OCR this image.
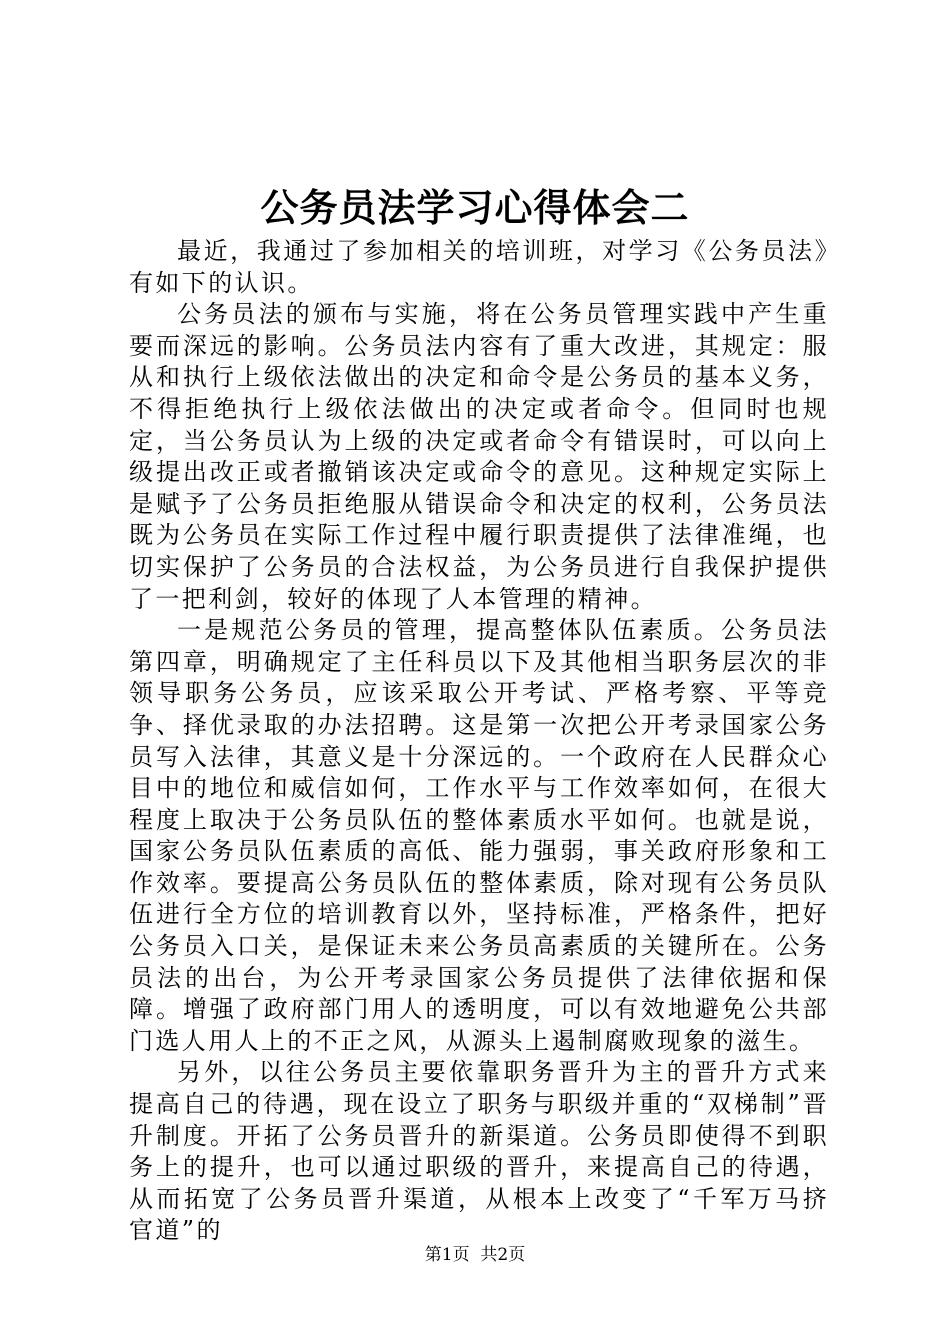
公务员法学习心得体会二

最近，我通过了参加相关的培训班，对学习《公务员法》有如下的认识。

公务员法的颁布与实施，将在公务员管理实践中产生重要而深远的影响。公务员法内容有了重大改进，其规定：服从和执行上级依法做出的决定和命令是公务员的基本义务，不得拒绝执行上级依法做出的决定或者命令。但同时也规定，当公务员认为上级的决定或者命令有错误时，可以向上级提出改正或者撤销该决定或命令的意见。这种规定实际上是赋予了公务员拒绝服从错误命令和决定的权利，公务员法既为公务员在实际工作过程中履行职责提供了法律准绳，也切实保护了公务员的合法权益，为公务员进行自我保护提供了一把利剑，较好的体现了人本管理的精神。

一是规范公务员的管理，提高整体队伍素质。公务员法第四章，明确规定了主任科员以下及其他相当职务层次的非领导职务公务员，应该采取公开考试、严格考察、平等竞争、择优录取的办法招聘。这是第一次把公开考录国家公务员写入法律，其意义是十分深远的。一个政府在人民群众心目中的地位和威信如何，工作水平与工作效率如何，在很大程度上取决于公务员队伍的整体素质水平如何。也就是说，国家公务员队伍素质的高低、能力强弱，事关政府形象和工作效率。要提高公务员队伍的整体素质，除对现有公务员队伍进行全方位的培训教育以外，坚持标准，严格条件，把好公务员入口关，是保证未来公务员高素质的关键所在。公务员法的出台，为公开考录国家公务员提供了法律依据和保障。增强了政府部门用人的透明度，可以有效地避免公共部门选人用人上的不正之风，从源头上遏制腐败现象的滋生。

另外，以往公务员主要依靠职务晋升为主的晋升方式来提高自己的待遇，现在设立了职务与职级并重的“双梯制”晋升制度。开拓了公务员晋升的新渠道。公务员即使得不到职务上的提升，也可以通过职级的晋升，来提高自己的待遇，从而拓宽了公务员晋升渠道，从根本上改变了“千军万马挤官道”的

第1页 共2页
